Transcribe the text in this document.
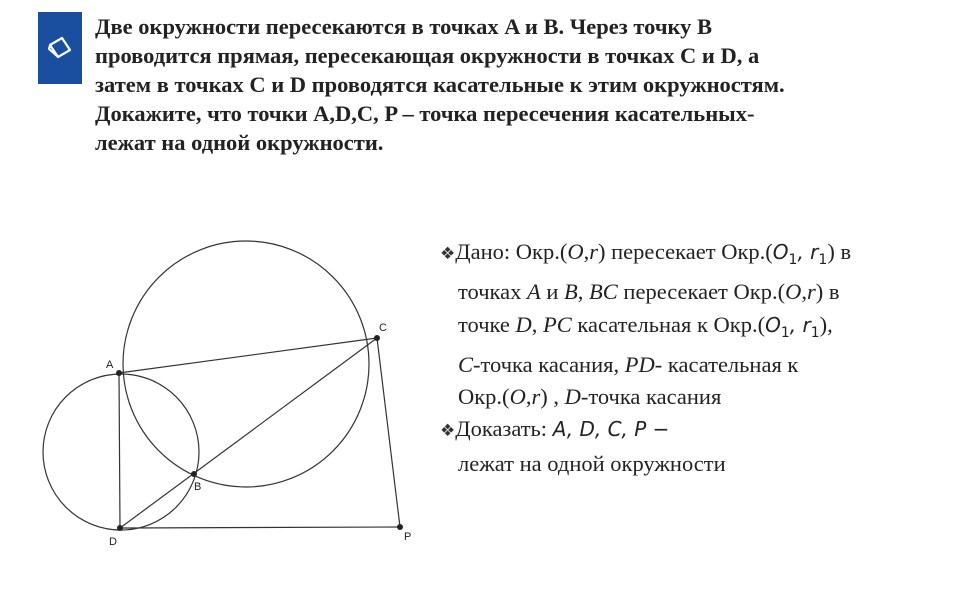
Две окружности пересекаются в точках A и B. Через точку B
проводится прямая, пересекающая окружности в точках C и D, а
затем в точках C и D проводятся касательные к этим окружностям.
Докажите, что точки A,D,C, P – точка пересечения касательных-
лежат на одной окружности.
A
B
C
D	P
❖Дано: Окр.(O,r) пересекает $Окр.(O_1$, $r_1$) в
точках A и B, BC пересекает Окр.(O,r) в
точке D, PC касательная к $Окр.(O_1$, $r_1$),
C-точка касания, PD- касательная к
Окр.(O,r) , D-точка касания
❖Доказать: A, D, C, P −
лежат на одной окружности
